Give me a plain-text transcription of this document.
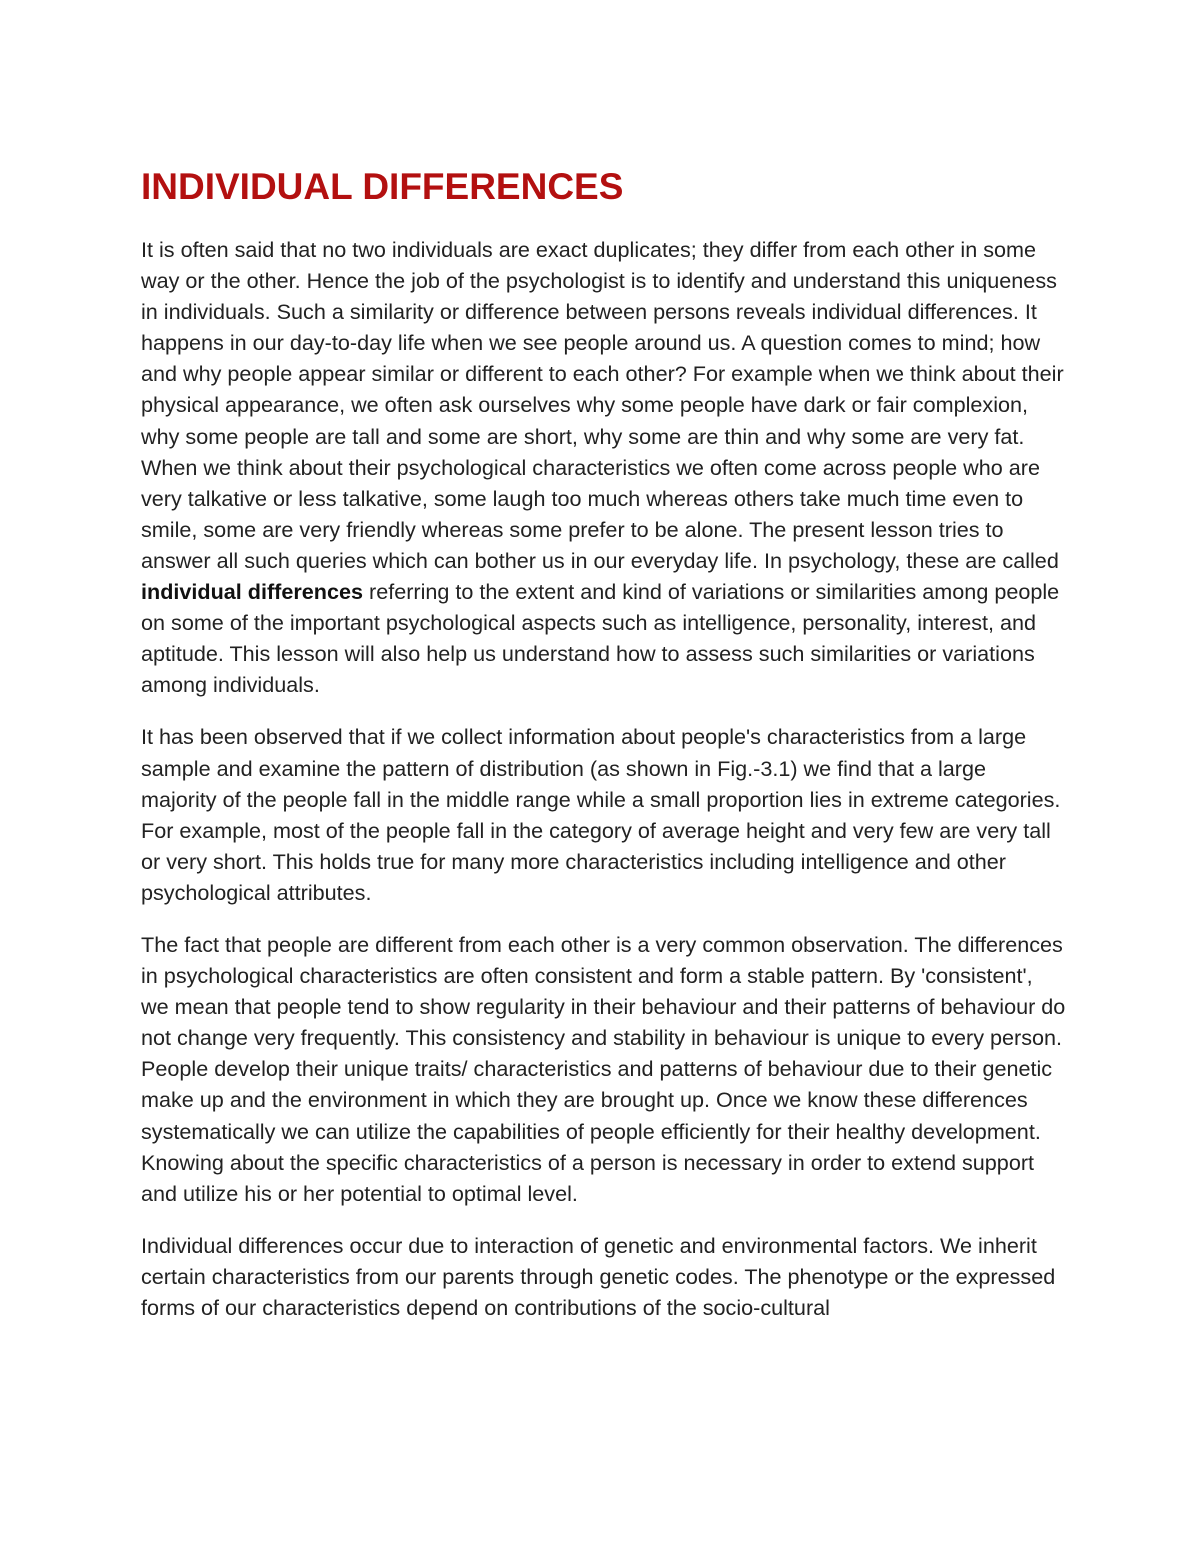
INDIVIDUAL DIFFERENCES

It is often said that no two individuals are exact duplicates; they differ from each other in some way or the other. Hence the job of the psychologist is to identify and understand this uniqueness in individuals. Such a similarity or difference between persons reveals individual differences. It happens in our day-to-day life when we see people around us. A question comes to mind; how and why people appear similar or different to each other? For example when we think about their physical appearance, we often ask ourselves why some people have dark or fair complexion, why some people are tall and some are short, why some are thin and why some are very fat. When we think about their psychological characteristics we often come across people who are very talkative or less talkative, some laugh too much whereas others take much time even to smile, some are very friendly whereas some prefer to be alone. The present lesson tries to answer all such queries which can bother us in our everyday life. In psychology, these are called individual differences referring to the extent and kind of variations or similarities among people on some of the important psychological aspects such as intelligence, personality, interest, and aptitude. This lesson will also help us understand how to assess such similarities or variations among individuals.

It has been observed that if we collect information about people's characteristics from a large sample and examine the pattern of distribution (as shown in Fig.-3.1) we find that a large majority of the people fall in the middle range while a small proportion lies in extreme categories. For example, most of the people fall in the category of average height and very few are very tall or very short. This holds true for many more characteristics including intelligence and other psychological attributes.

The fact that people are different from each other is a very common observation. The differences in psychological characteristics are often consistent and form a stable pattern. By 'consistent', we mean that people tend to show regularity in their behaviour and their patterns of behaviour do not change very frequently. This consistency and stability in behaviour is unique to every person. People develop their unique traits/ characteristics and patterns of behaviour due to their genetic make up and the environment in which they are brought up. Once we know these differences systematically we can utilize the capabilities of people efficiently for their healthy development. Knowing about the specific characteristics of a person is necessary in order to extend support and utilize his or her potential to optimal level.

Individual differences occur due to interaction of genetic and environmental factors. We inherit certain characteristics from our parents through genetic codes. The phenotype or the expressed forms of our characteristics depend on contributions of the socio-cultural
